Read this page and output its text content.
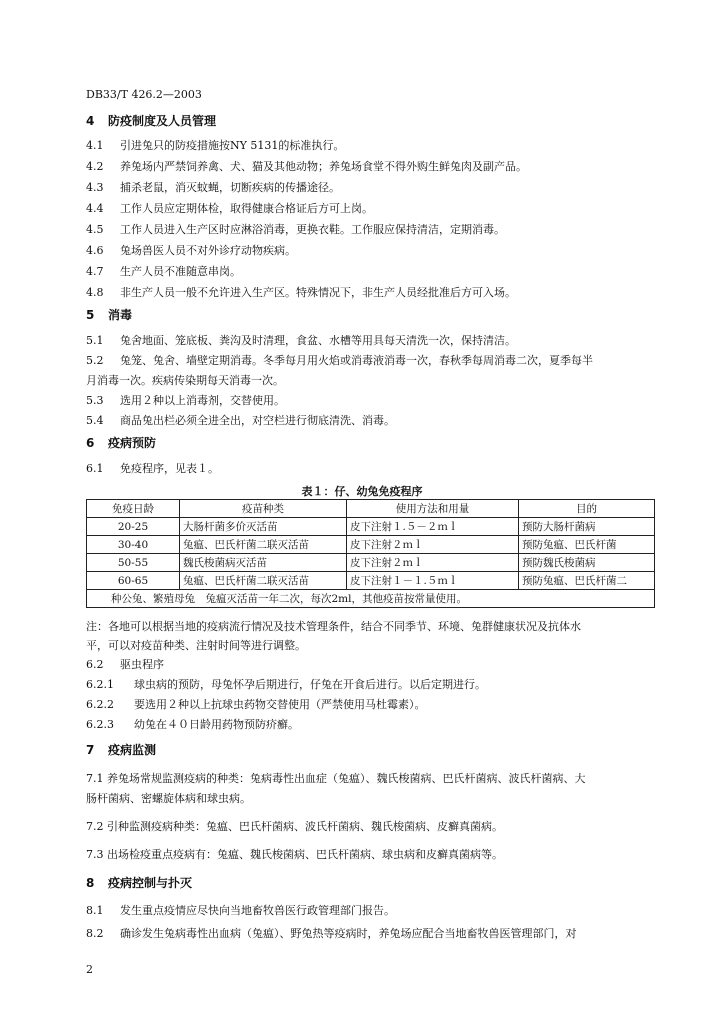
DB33/T 426.2—2003
4 防疫制度及人员管理
4.1 引进兔只的防疫措施按NY 5131的标准执行。
4.2 养兔场内严禁饲养禽、犬、猫及其他动物；养兔场食堂不得外购生鲜兔肉及副产品。
4.3 捕杀老鼠，消灭蚊蝇，切断疾病的传播途径。
4.4 工作人员应定期体检，取得健康合格证后方可上岗。
4.5 工作人员进入生产区时应淋浴消毒，更换衣鞋。工作服应保持清洁，定期消毒。
4.6 兔场兽医人员不对外诊疗动物疾病。
4.7 生产人员不准随意串岗。
4.8 非生产人员一般不允许进入生产区。特殊情况下，非生产人员经批准后方可入场。
5 消毒
5.1 兔舍地面、笼底板、粪沟及时清理，食盆、水槽等用具每天清洗一次，保持清洁。
5.2 兔笼、兔舍、墙壁定期消毒。冬季每月用火焰或消毒液消毒一次，春秋季每周消毒二次，夏季每半
月消毒一次。疾病传染期每天消毒一次。
5.3 选用２种以上消毒剂，交替使用。
5.4 商品兔出栏必须全进全出，对空栏进行彻底清洗、消毒。
6 疫病预防
6.1 免疫程序，见表１。
表１：仔、幼兔免疫程序
免疫日龄	疫苗种类	使用方法和用量	目的
20-25	大肠杆菌多价灭活苗	皮下注射１.５－２ｍｌ	预防大肠杆菌病
30-40	兔瘟、巴氏杆菌二联灭活苗	皮下注射２ｍｌ	预防兔瘟、巴氏杆菌
50-55	魏氏梭菌病灭活苗	皮下注射２ｍｌ	预防魏氏梭菌病
60-65	兔瘟、巴氏杆菌二联灭活苗	皮下注射１－１.５ｍｌ	预防兔瘟、巴氏杆菌二
种公兔、繁殖母兔　兔瘟灭活苗一年二次，每次2ml，其他疫苗按常量使用。			
注：各地可以根据当地的疫病流行情况及技术管理条件，结合不同季节、环境、兔群健康状况及抗体水
平，可以对疫苗种类、注射时间等进行调整。
6.2 驱虫程序
6.2.1 球虫病的预防，母兔怀孕后期进行，仔兔在开食后进行。以后定期进行。
6.2.2 要选用２种以上抗球虫药物交替使用（严禁使用马杜霉素）。
6.2.3 幼兔在４０日龄用药物预防疥癬。
7 疫病监测
7.1 养兔场常规监测疫病的种类：兔病毒性出血症（兔瘟）、魏氏梭菌病、巴氏杆菌病、波氏杆菌病、大
肠杆菌病、密螺旋体病和球虫病。
7.2 引种监测疫病种类：兔瘟、巴氏杆菌病、波氏杆菌病、魏氏梭菌病、皮癣真菌病。
7.3 出场检疫重点疫病有：兔瘟、魏氏梭菌病、巴氏杆菌病、球虫病和皮癣真菌病等。
8 疫病控制与扑灭
8.1 发生重点疫情应尽快向当地畜牧兽医行政管理部门报告。
8.2 确诊发生兔病毒性出血病（兔瘟）、野兔热等疫病时，养兔场应配合当地畜牧兽医管理部门，对
2
